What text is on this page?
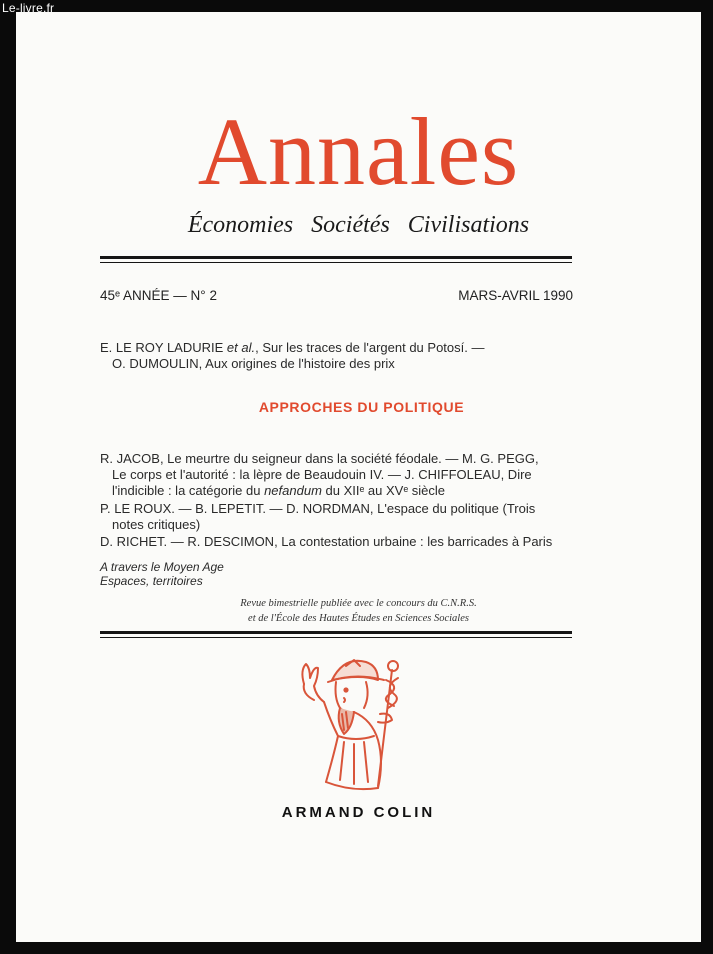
Annales
Économies Sociétés Civilisations
45ᵉ ANNÉE — N° 2	MARS-AVRIL 1990
E. LE ROY LADURIE et al., Sur les traces de l'argent du Potosí. —
O. DUMOULIN, Aux origines de l'histoire des prix
APPROCHES DU POLITIQUE
R. JACOB, Le meurtre du seigneur dans la société féodale. — M. G. PEGG,
Le corps et l'autorité : la lèpre de Beaudouin IV. — J. CHIFFOLEAU, Dire
l'indicible : la catégorie du nefandum du XIIᵉ au XVᵉ siècle
P. LE ROUX. — B. LEPETIT. — D. NORDMAN, L'espace du politique (Trois
notes critiques)
D. RICHET. — R. DESCIMON, La contestation urbaine : les barricades à Paris
A travers le Moyen Age
Espaces, territoires
Revue bimestrielle publiée avec le concours du C.N.R.S.
et de l'École des Hautes Études en Sciences Sociales
ARMAND COLIN
Le-livre.fr
